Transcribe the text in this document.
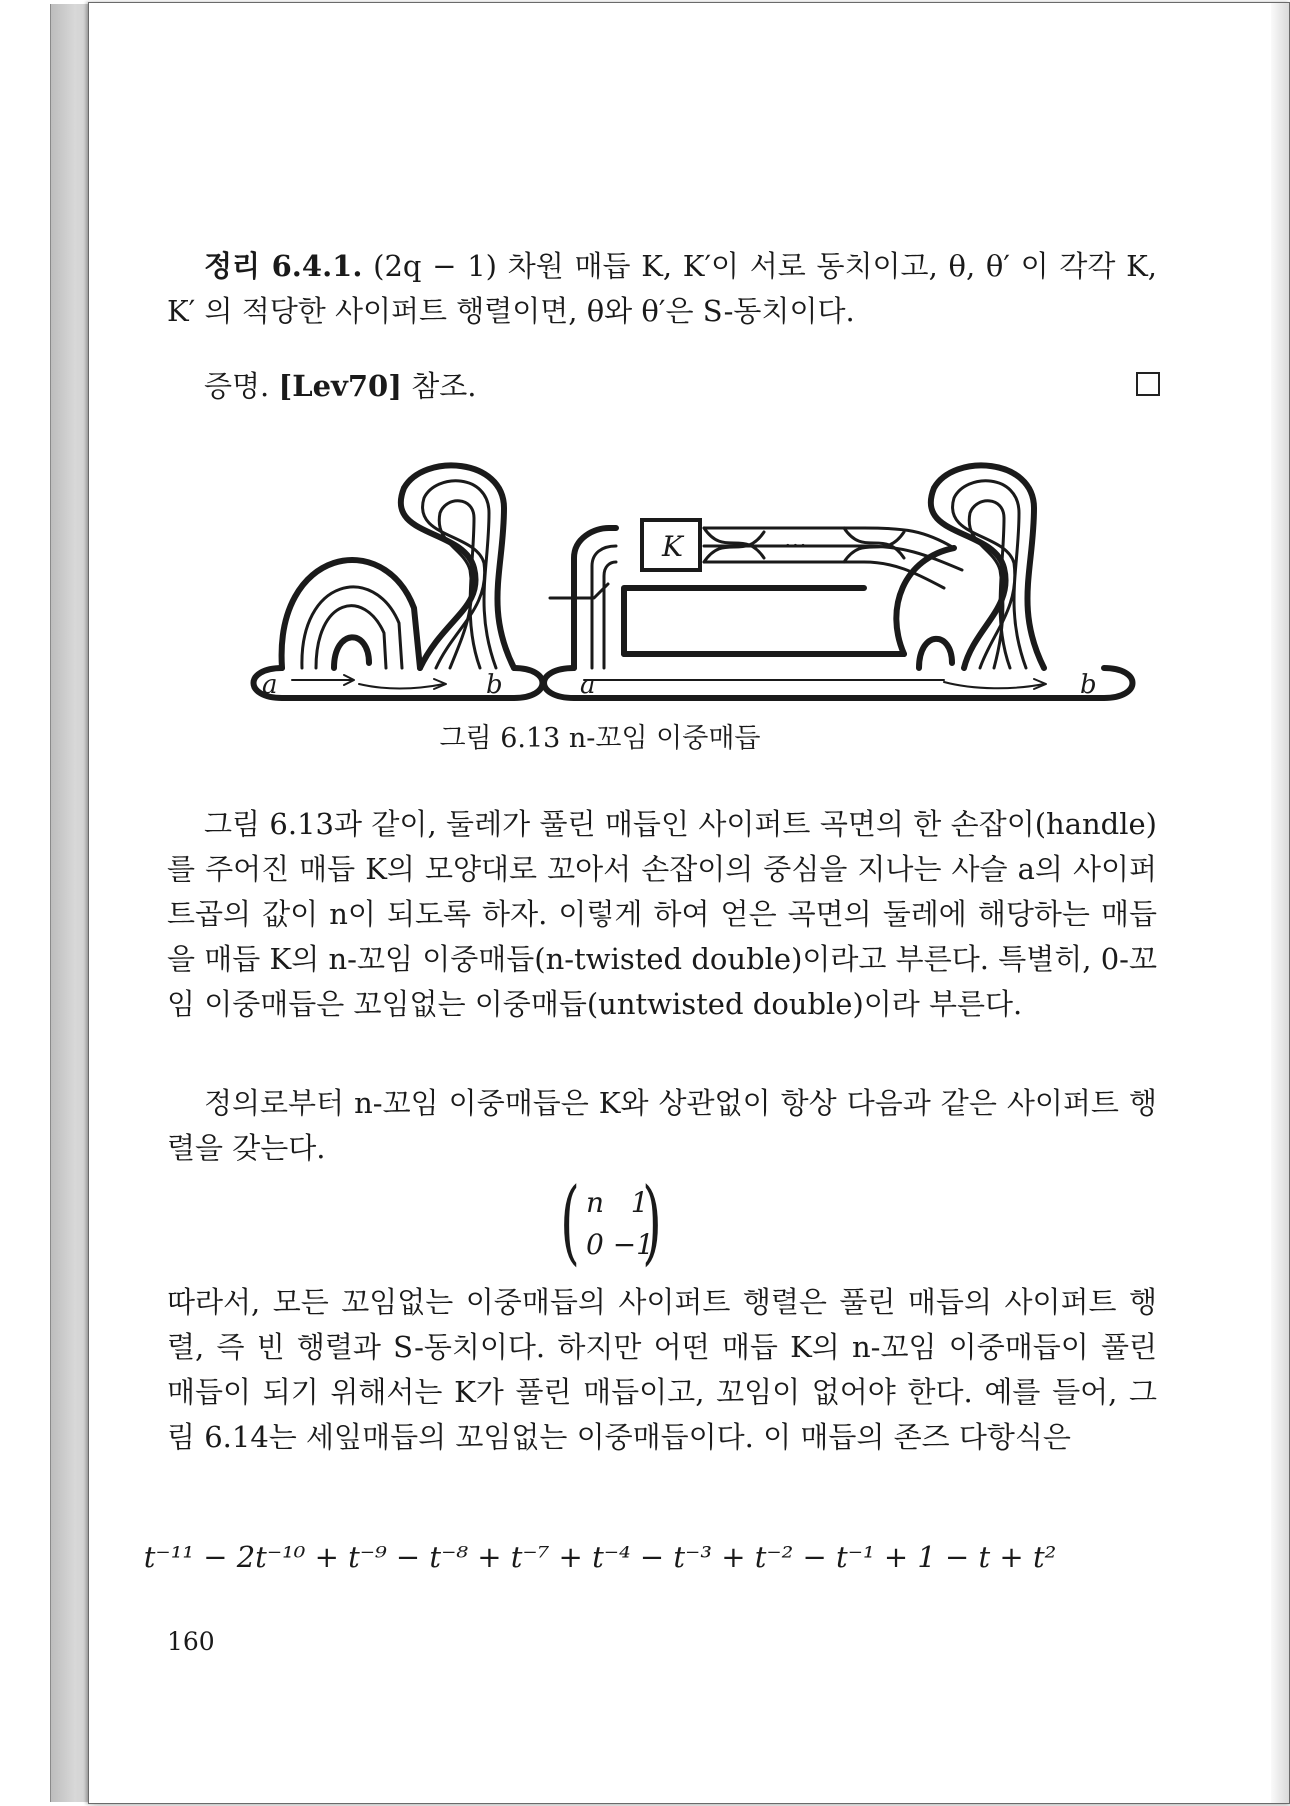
정리 6.4.1. (2q − 1) 차원 매듭 K, K′이 서로 동치이고, θ, θ′ 이 각각 K, K′ 의 적당한 사이퍼트 행렬이면, θ와 θ′은 S-동치이다.
증명. [Lev70] 참조.
K	···
a	b	a	b
그림 6.13 n-꼬임 이중매듭
그림 6.13과 같이, 둘레가 풀린 매듭인 사이퍼트 곡면의 한 손잡이(handle)를 주어진 매듭 K의 모양대로 꼬아서 손잡이의 중심을 지나는 사슬 a의 사이퍼트곱의 값이 n이 되도록 하자. 이렇게 하여 얻은 곡면의 둘레에 해당하는 매듭을 매듭 K의 n-꼬임 이중매듭(n-twisted double)이라고 부른다. 특별히, 0-꼬임 이중매듭은 꼬임없는 이중매듭(untwisted double)이라 부른다.
정의로부터 n-꼬임 이중매듭은 K와 상관없이 항상 다음과 같은 사이퍼트 행렬을 갖는다.
( n   1
0 −1
)
따라서, 모든 꼬임없는 이중매듭의 사이퍼트 행렬은 풀린 매듭의 사이퍼트 행렬, 즉 빈 행렬과 S-동치이다. 하지만 어떤 매듭 K의 n-꼬임 이중매듭이 풀린 매듭이 되기 위해서는 K가 풀린 매듭이고, 꼬임이 없어야 한다. 예를 들어, 그림 6.14는 세잎매듭의 꼬임없는 이중매듭이다. 이 매듭의 존즈 다항식은
t⁻¹¹ − 2t⁻¹⁰ + t⁻⁹ − t⁻⁸ + t⁻⁷ + t⁻⁴ − t⁻³ + t⁻² − t⁻¹ + 1 − t + t²
160
